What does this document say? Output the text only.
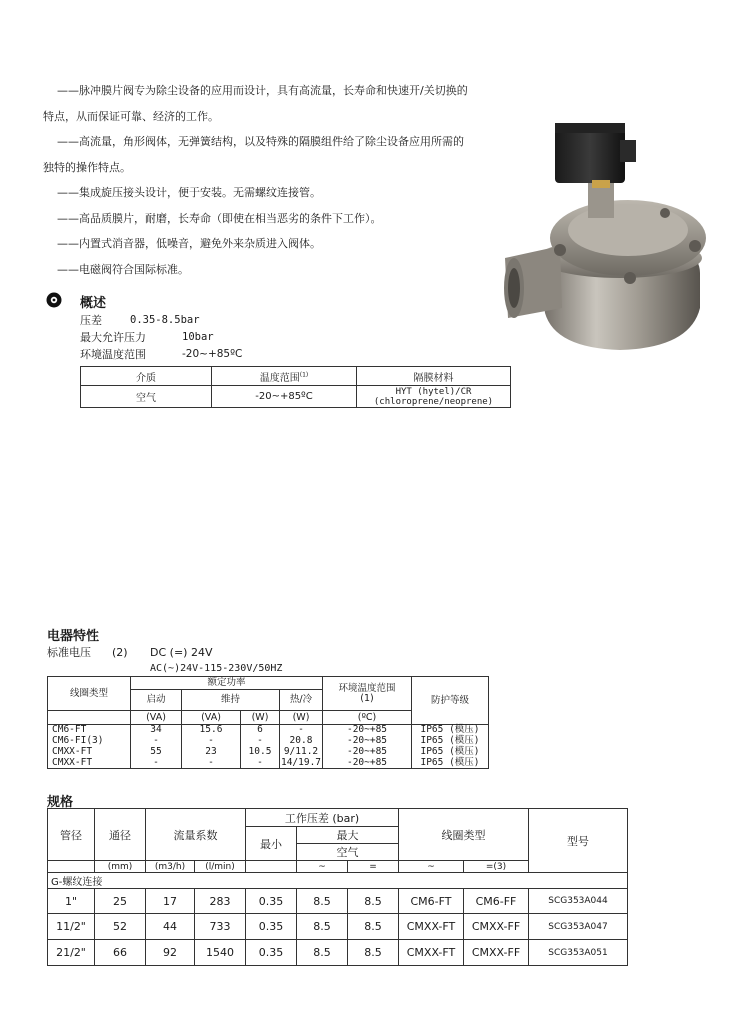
——脉冲膜片阀专为除尘设备的应用而设计，具有高流量，长寿命和快速开/关切换的
特点，从而保证可靠、经济的工作。
——高流量，角形阀体，无弹簧结构，以及特殊的隔膜组件给了除尘设备应用所需的
独特的操作特点。
——集成旋压接头设计，便于安装。无需螺纹连接管。
——高品质膜片，耐磨，长寿命（即使在相当恶劣的条件下工作）。
——内置式消音器，低噪音，避免外来杂质进入阀体。
——电磁阀符合国际标准。
概述
压差	0.35-8.5bar
最大允许压力	10bar
环境温度范围	-20~+85ºC
介质	温度范围$^{(1)}$	隔膜材料
空气	-20~+85ºC	HYT (hytel)/CR
(chloroprene/neoprene)
电器特性
标准电压 (2) DC (=) 24V
AC(~)24V-115-230V/50HZ
线圈类型	额定功率				环境温度范围
(1)	防护等级
	启动	维持		热/冷		
	(VA)	(VA)	(W)	(W)	(ºC)	
CM6-FT	34	15.6	6	-	-20~+85	IP65 (模压)
CM6-FI(3)	-	-	-	20.8	-20~+85	IP65 (模压)
CMXX-FT	55	23	10.5	9/11.2	-20~+85	IP65 (模压)
CMXX-FT	-	-	-	14/19.7	-20~+85	IP65 (模压)
规格
管径	通径	流量系数		工作压差 (bar)			线圈类型		型号
				最小	最大				
					空气				
	(mm)	(m3/h)	(l/min)		~	=	~	=(3)	
G-螺纹连接									
1"	25	17	283	0.35	8.5	8.5	CM6-FT	CM6-FF	SCG353A044
11/2"	52	44	733	0.35	8.5	8.5	CMXX-FT	CMXX-FF	SCG353A047
21/2"	66	92	1540	0.35	8.5	8.5	CMXX-FT	CMXX-FF	SCG353A051
